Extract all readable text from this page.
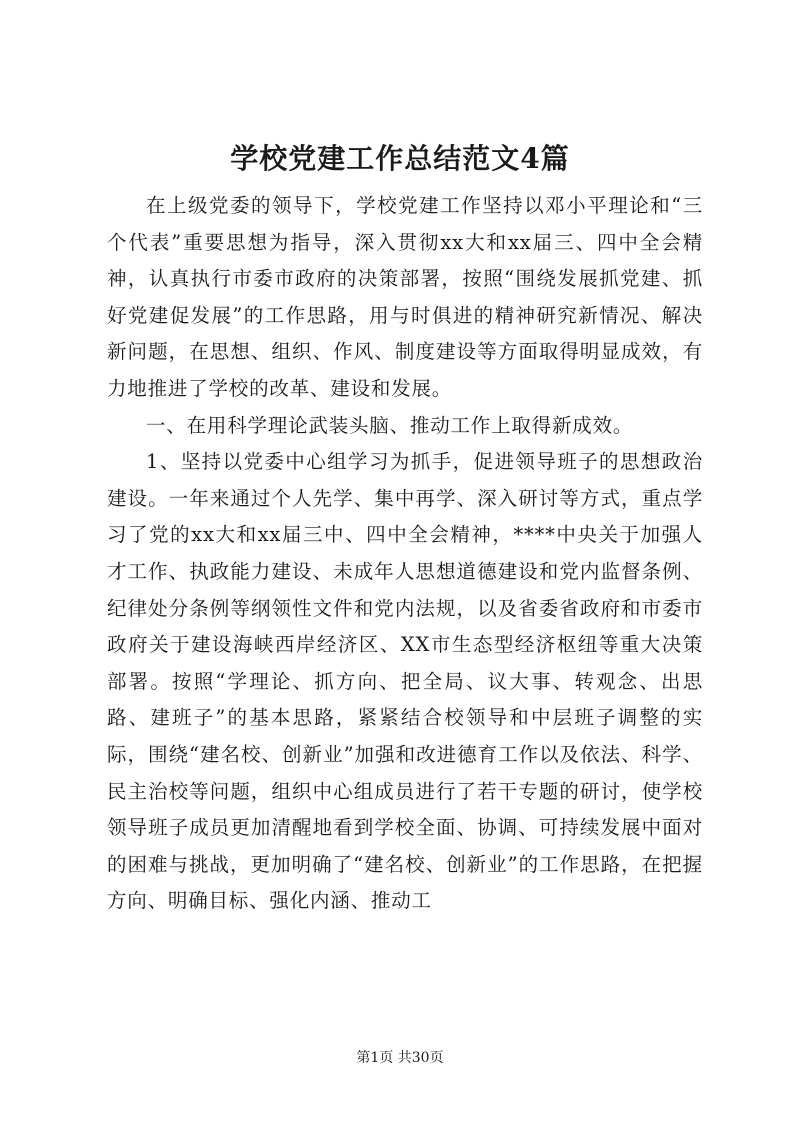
学校党建工作总结范文4篇

在上级党委的领导下，学校党建工作坚持以邓小平理论和“三个代表”重要思想为指导，深入贯彻xx大和xx届三、四中全会精神，认真执行市委市政府的决策部署，按照“围绕发展抓党建、抓好党建促发展”的工作思路，用与时俱进的精神研究新情况、解决新问题，在思想、组织、作风、制度建设等方面取得明显成效，有力地推进了学校的改革、建设和发展。

一、在用科学理论武装头脑、推动工作上取得新成效。

1、坚持以党委中心组学习为抓手，促进领导班子的思想政治建设。一年来通过个人先学、集中再学、深入研讨等方式，重点学习了党的xx大和xx届三中、四中全会精神，****中央关于加强人才工作、执政能力建设、未成年人思想道德建设和党内监督条例、纪律处分条例等纲领性文件和党内法规，以及省委省政府和市委市政府关于建设海峡西岸经济区、XX市生态型经济枢纽等重大决策部署。按照“学理论、抓方向、把全局、议大事、转观念、出思路、建班子”的基本思路，紧紧结合校领导和中层班子调整的实际，围绕“建名校、创新业”加强和改进德育工作以及依法、科学、民主治校等问题，组织中心组成员进行了若干专题的研讨，使学校领导班子成员更加清醒地看到学校全面、协调、可持续发展中面对的困难与挑战，更加明确了“建名校、创新业”的工作思路，在把握方向、明确目标、强化内涵、推动工

第1页 共30页
